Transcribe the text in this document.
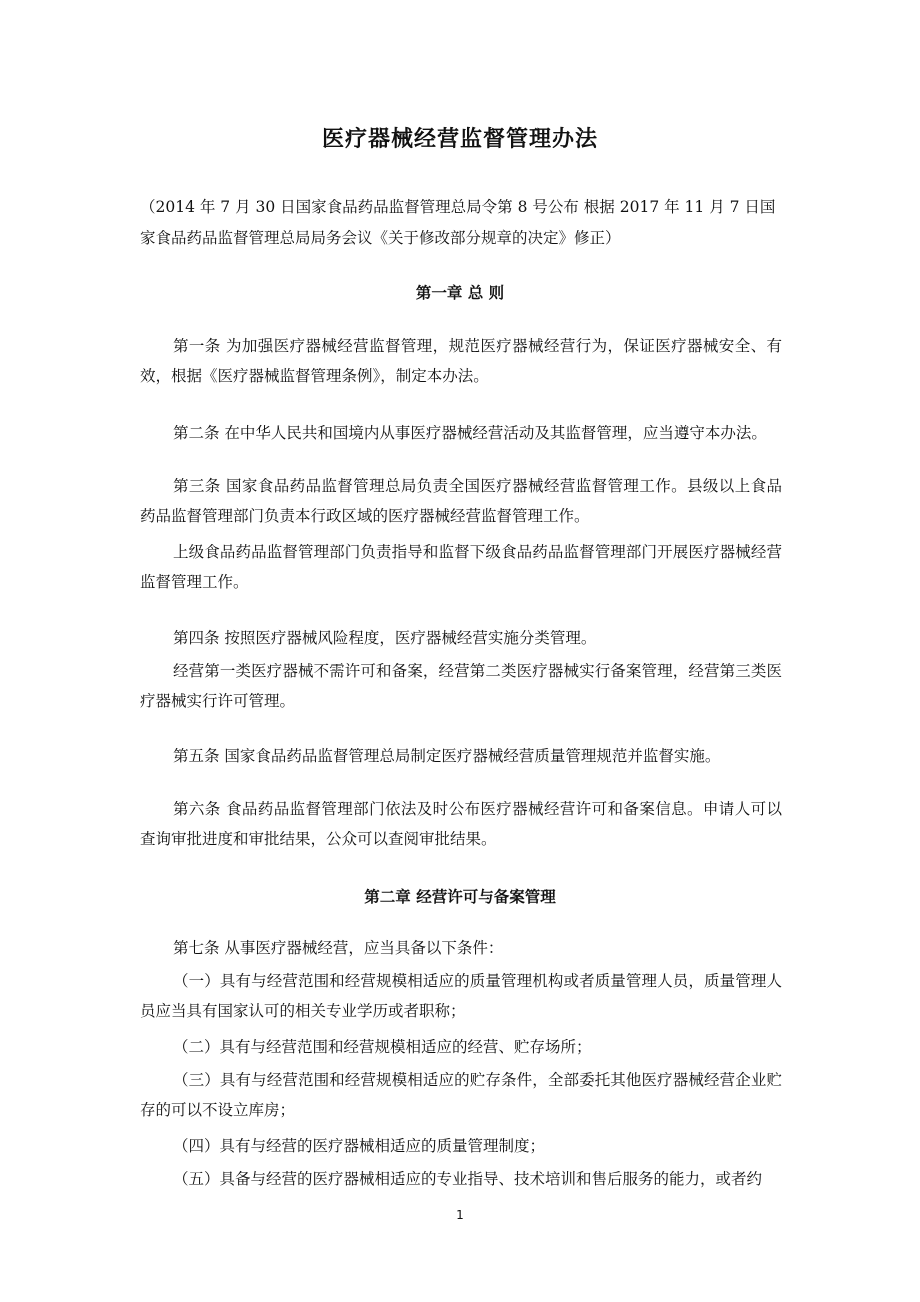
医疗器械经营监督管理办法
（2014 年 7 月 30 日国家食品药品监督管理总局令第 8 号公布 根据 2017 年 11 月 7 日国家食品药品监督管理总局局务会议《关于修改部分规章的决定》修正）
第一章 总 则
第一条 为加强医疗器械经营监督管理，规范医疗器械经营行为，保证医疗器械安全、有效，根据《医疗器械监督管理条例》，制定本办法。
第二条 在中华人民共和国境内从事医疗器械经营活动及其监督管理，应当遵守本办法。
第三条 国家食品药品监督管理总局负责全国医疗器械经营监督管理工作。县级以上食品药品监督管理部门负责本行政区域的医疗器械经营监督管理工作。
上级食品药品监督管理部门负责指导和监督下级食品药品监督管理部门开展医疗器械经营监督管理工作。
第四条 按照医疗器械风险程度，医疗器械经营实施分类管理。
经营第一类医疗器械不需许可和备案，经营第二类医疗器械实行备案管理，经营第三类医疗器械实行许可管理。
第五条 国家食品药品监督管理总局制定医疗器械经营质量管理规范并监督实施。
第六条 食品药品监督管理部门依法及时公布医疗器械经营许可和备案信息。申请人可以查询审批进度和审批结果，公众可以查阅审批结果。
第二章 经营许可与备案管理
第七条 从事医疗器械经营，应当具备以下条件：
（一）具有与经营范围和经营规模相适应的质量管理机构或者质量管理人员，质量管理人员应当具有国家认可的相关专业学历或者职称；
（二）具有与经营范围和经营规模相适应的经营、贮存场所；
（三）具有与经营范围和经营规模相适应的贮存条件，全部委托其他医疗器械经营企业贮存的可以不设立库房；
（四）具有与经营的医疗器械相适应的质量管理制度；
（五）具备与经营的医疗器械相适应的专业指导、技术培训和售后服务的能力，或者约
1
